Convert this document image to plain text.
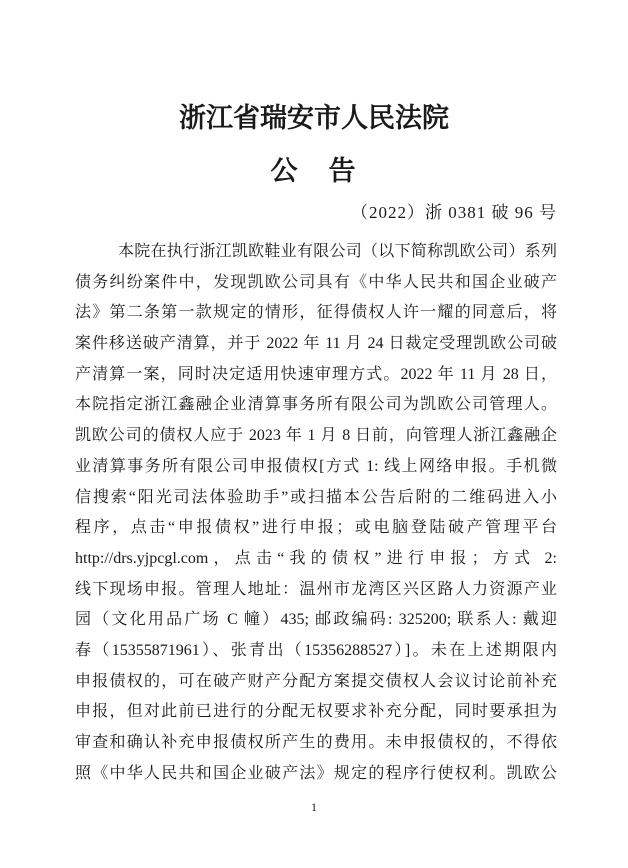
浙江省瑞安市人民法院
公　告
（2022）浙 0381 破 96 号
本院在执行浙江凯欧鞋业有限公司（以下简称凯欧公司）系列
债务纠纷案件中，发现凯欧公司具有《中华人民共和国企业破产
法》第二条第一款规定的情形，征得债权人许一耀的同意后，将
案件移送破产清算，并于 2022 年 11 月 24 日裁定受理凯欧公司破
产清算一案，同时决定适用快速审理方式。2022 年 11 月 28 日，
本院指定浙江鑫融企业清算事务所有限公司为凯欧公司管理人。
凯欧公司的债权人应于 2023 年 1 月 8 日前，向管理人浙江鑫融企
业清算事务所有限公司申报债权[方式 1: 线上网络申报。手机微
信搜索“阳光司法体验助手”或扫描本公告后附的二维码进入小
程序，点击“申报债权”进行申报；或电脑登陆破产管理平台
http://drs.yjpcgl.com，点击“我的债权”进行申报；方式 2:
线下现场申报。管理人地址：温州市龙湾区兴区路人力资源产业
园（文化用品广场 C 幢）435; 邮政编码: 325200; 联系人: 戴迎
春（15355871961）、张青出（15356288527）]。未在上述期限内
申报债权的，可在破产财产分配方案提交债权人会议讨论前补充
申报，但对此前已进行的分配无权要求补充分配，同时要承担为
审查和确认补充申报债权所产生的费用。未申报债权的，不得依
照《中华人民共和国企业破产法》规定的程序行使权利。凯欧公
1
